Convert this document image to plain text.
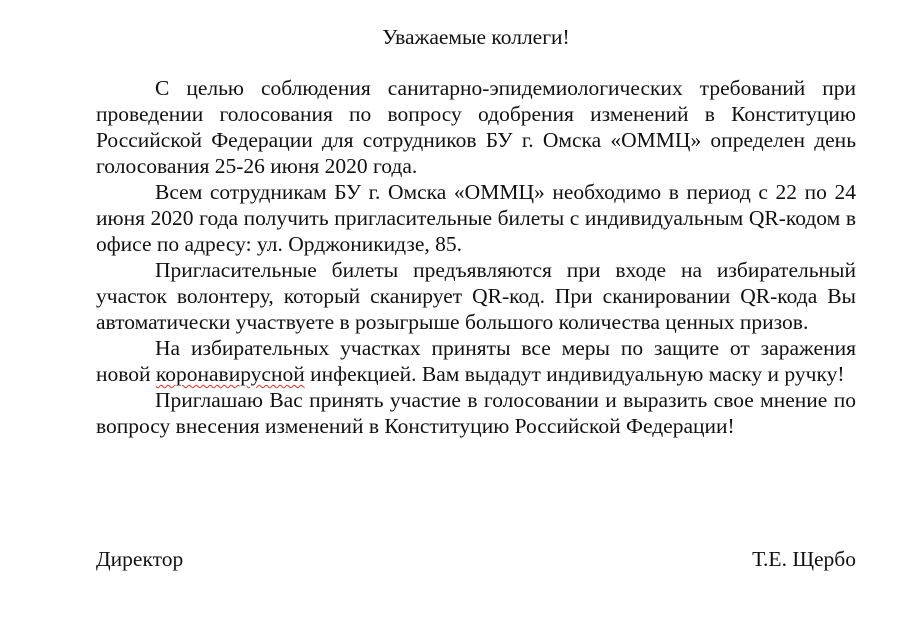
Уважаемые коллеги!

С целью соблюдения санитарно-эпидемиологических требований при проведении голосования по вопросу одобрения изменений в Конституцию Российской Федерации для сотрудников БУ г. Омска «ОММЦ» определен день голосования 25-26 июня 2020 года.

Всем сотрудникам БУ г. Омска «ОММЦ» необходимо в период с 22 по 24 июня 2020 года получить пригласительные билеты с индивидуальным QR-кодом в офисе по адресу: ул. Орджоникидзе, 85.

Пригласительные билеты предъявляются при входе на избирательный участок волонтеру, который сканирует QR-код. При сканировании QR-кода Вы автоматически участвуете в розыгрыше большого количества ценных призов.

На избирательных участках приняты все меры по защите от заражения новой коронавирусной инфекцией. Вам выдадут индивидуальную маску и ручку!

Приглашаю Вас принять участие в голосовании и выразить свое мнение по вопросу внесения изменений в Конституцию Российской Федерации!

Директор	Т.Е. Щербо
